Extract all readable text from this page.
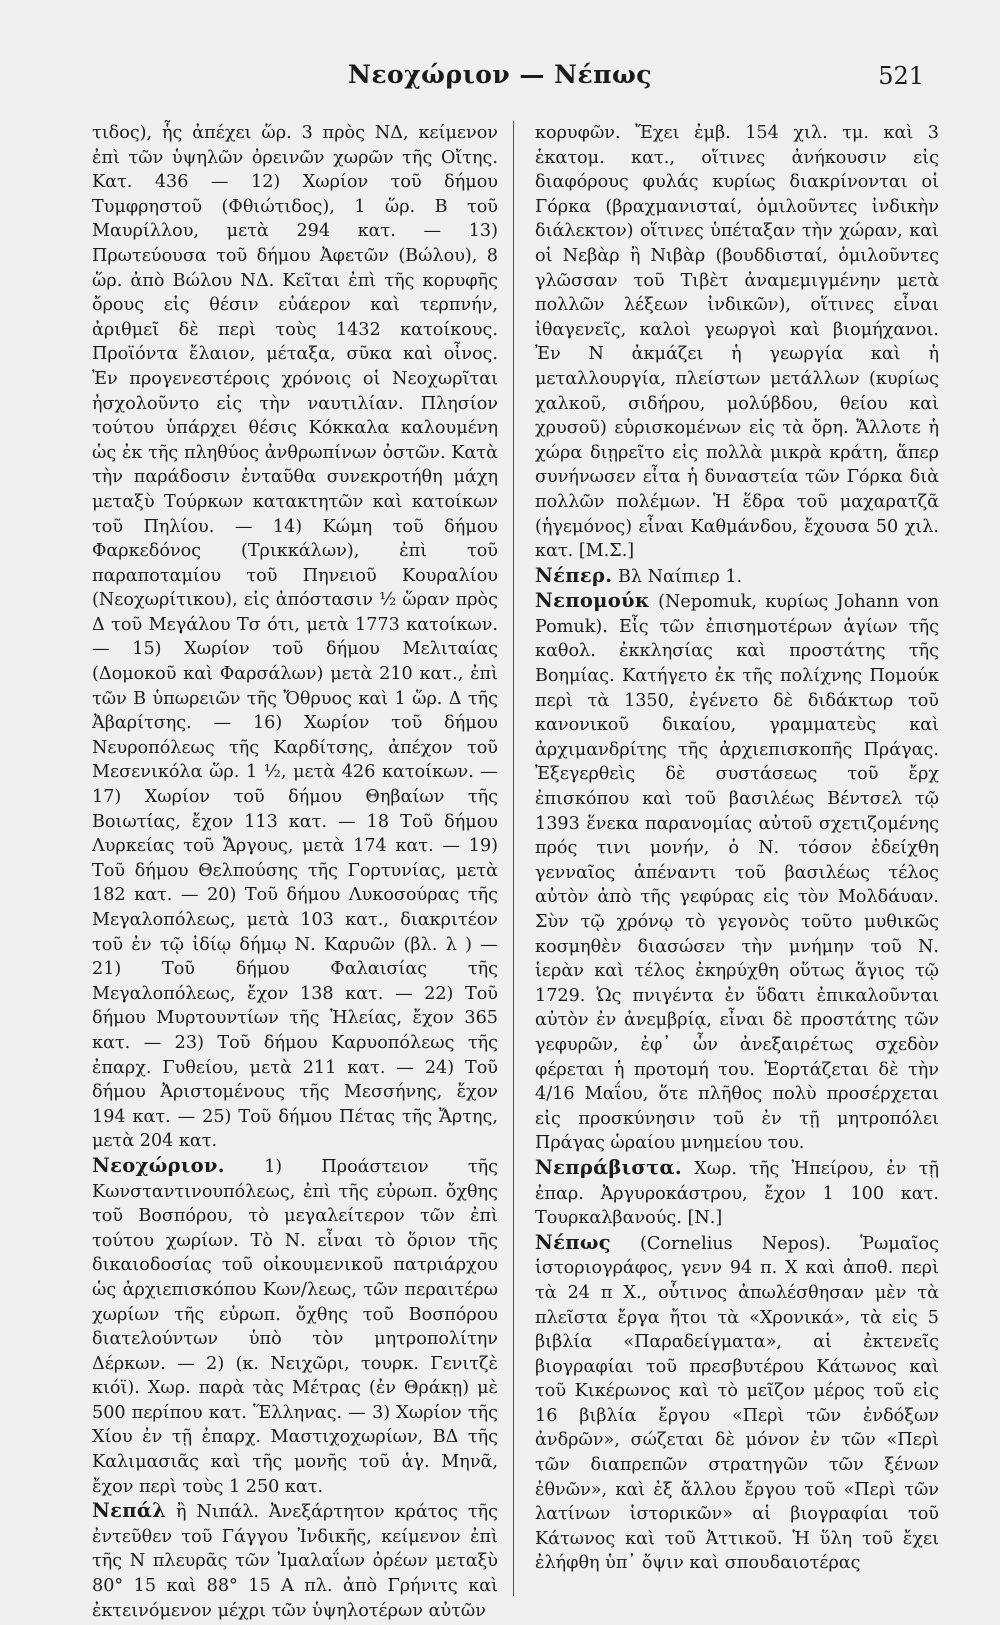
Νεοχώριον — Νέπως	521

τιδος), ἧς ἀπέχει ὥρ. 3 πρὸς ΝΔ, κείμενον ἐπὶ τῶν ὑψηλῶν ὀρεινῶν χωρῶν τῆς Οἴτης. Κατ. 436 — 12) Χωρίον τοῦ δήμου Τυμφρηστοῦ (Φθιώτιδος), 1 ὥρ. Β τοῦ Μαυρίλλου, μετὰ 294 κατ. — 13) Πρωτεύουσα τοῦ δήμου Ἀφετῶν (Βώλου), 8 ὥρ. ἀπὸ Βώλου ΝΔ. Κεῖται ἐπὶ τῆς κορυφῆς ὄρους εἰς θέσιν εὐάερον καὶ τερπνήν, ἀριθμεῖ δὲ περὶ τοὺς 1432 κατοίκους. Προϊόντα ἔλαιον, μέταξα, σῦκα καὶ οἶνος. Ἐν προγενεστέροις χρόνοις οἱ Νεοχωρῖται ἠσχολοῦντο εἰς τὴν ναυτιλίαν. Πλησίον τούτου ὑπάρχει θέσις Κόκκαλα καλουμένη ὡς ἐκ τῆς πληθύος ἀνθρωπίνων ὀστῶν. Κατὰ τὴν παράδοσιν ἐνταῦθα συνεκροτήθη μάχη μεταξὺ Τούρκων κατακτητῶν καὶ κατοίκων τοῦ Πηλίου. — 14) Κώμη τοῦ δήμου Φαρκεδόνος (Τρικκάλων), ἐπὶ τοῦ παραποταμίου τοῦ Πηνειοῦ Κουραλίου (Νεοχωρίτικου), εἰς ἀπόστασιν ½ ὥραν πρὸς Δ τοῦ Μεγάλου Τσ ότι, μετὰ 1773 κατοίκων.— 15) Χωρίον τοῦ δήμου Μελιταίας (Δομοκοῦ καὶ Φαρσάλων) μετὰ 210 κατ., ἐπὶ τῶν Β ὑπωρειῶν τῆς Ὄθρυος καὶ 1 ὥρ. Δ τῆς Ἀβαρίτσης. — 16) Χωρίον τοῦ δήμου Νευροπόλεως τῆς Καρδίτσης, ἀπέχον τοῦ Μεσενικόλα ὥρ. 1 ½, μετὰ 426 κατοίκων. — 17) Χωρίον τοῦ δήμου Θηβαίων τῆς Βοιωτίας, ἔχον 113 κατ. — 18 Τοῦ δήμου Λυρκείας τοῦ Ἄργους, μετὰ 174 κατ. — 19) Τοῦ δήμου Θελπούσης τῆς Γορτυνίας, μετὰ 182 κατ. — 20) Τοῦ δήμου Λυκοσούρας τῆς Μεγαλοπόλεως, μετὰ 103 κατ., διακριτέον τοῦ ἐν τῷ ἰδίῳ δήμῳ Ν. Καρυῶν (βλ. λ ) — 21) Τοῦ δήμου Φαλαισίας τῆς Μεγαλοπόλεως, ἔχον 138 κατ. — 22) Τοῦ δήμου Μυρτουντίων τῆς Ἠλείας, ἔχον 365 κατ. — 23) Τοῦ δήμου Καρυοπόλεως τῆς ἐπαρχ. Γυθείου, μετὰ 211 κατ. — 24) Τοῦ δήμου Ἀριστομένους τῆς Μεσσήνης, ἔχον 194 κατ. — 25) Τοῦ δήμου Πέτας τῆς Ἄρτης, μετὰ 204 κατ.

Νεοχώριον. 1) Προάστειον τῆς Κωνσταντινουπόλεως, ἐπὶ τῆς εὐρωπ. ὄχθης τοῦ Βοσπόρου, τὸ μεγαλείτερον τῶν ἐπὶ τούτου χωρίων. Τὸ Ν. εἶναι τὸ ὅριον τῆς δικαιοδοσίας τοῦ οἰκουμενικοῦ πατριάρχου ὡς ἀρχιεπισκόπου Κων/λεως, τῶν περαιτέρω χωρίων τῆς εὐρωπ. ὄχθης τοῦ Βοσπόρου διατελούντων ὑπὸ τὸν μητροπολίτην Δέρκων. — 2) (κ. Νειχῶρι, τουρκ. Γενιτζὲ κιόϊ). Χωρ. παρὰ τὰς Μέτρας (ἐν Θράκῃ) μὲ 500 περίπου κατ. Ἕλληνας. — 3) Χωρίον τῆς Χίου ἐν τῇ ἐπαρχ. Μαστιχοχωρίων, ΒΔ τῆς Καλιμασιᾶς καὶ τῆς μονῆς τοῦ ἁγ. Μηνᾶ, ἔχον περὶ τοὺς 1 250 κατ.

Νεπάλ ἢ Νιπάλ. Ἀνεξάρτητον κράτος τῆς ἐντεῦθεν τοῦ Γάγγου Ἰνδικῆς, κείμενον ἐπὶ τῆς Ν πλευρᾶς τῶν Ἰμαλαΐων ὀρέων μεταξὺ 80° 15 καὶ 88° 15 Α πλ. ἀπὸ Γρήνιτς καὶ ἐκτεινόμενον μέχρι τῶν ὑψηλοτέρων αὐτῶν

κορυφῶν. Ἔχει ἐμβ. 154 χιλ. τμ. καὶ 3 ἑκατομ. κατ., οἵτινες ἀνήκουσιν εἰς διαφόρους φυλάς κυρίως διακρίνονται οἱ Γόρκα (βραχμανισταί, ὁμιλοῦντες ἰνδικὴν διάλεκτον) οἵτινες ὑπέταξαν τὴν χώραν, καὶ οἱ Νεβὰρ ἢ Νιβὰρ (βουδδισταί, ὁμιλοῦντες γλῶσσαν τοῦ Τιβὲτ ἀναμεμιγμένην μετὰ πολλῶν λέξεων ἰνδικῶν), οἵτινες εἶναι ἰθαγενεῖς, καλοὶ γεωργοὶ καὶ βιομήχανοι. Ἐν Ν ἀκμάζει ἡ γεωργία καὶ ἡ μεταλλουργία, πλείστων μετάλλων (κυρίως χαλκοῦ, σιδήρου, μολύβδου, θείου καὶ χρυσοῦ) εὑρισκομένων εἰς τὰ ὄρη. Ἄλλοτε ἡ χώρα διῃρεῖτο εἰς πολλὰ μικρὰ κράτη, ἅπερ συνήνωσεν εἶτα ἡ δυναστεία τῶν Γόρκα διὰ πολλῶν πολέμων. Ἡ ἕδρα τοῦ μαχαρατζᾶ (ἡγεμόνος) εἶναι Καθμάνδου, ἔχουσα 50 χιλ. κατ. [Μ.Σ.]

Νέπερ. Βλ Ναίπιερ 1.

Νεπομούκ (Nepomuk, κυρίως Johann von Pomuk). Εἷς τῶν ἐπισημοτέρων ἁγίων τῆς καθολ. ἐκκλησίας καὶ προστάτης τῆς Βοημίας. Κατήγετο ἐκ τῆς πολίχνης Πομούκ περὶ τὰ 1350, ἐγένετο δὲ διδάκτωρ τοῦ κανονικοῦ δικαίου, γραμματεὺς καὶ ἀρχιμανδρίτης τῆς ἀρχιεπισκοπῆς Πράγας. Ἐξεγερθεὶς δὲ συστάσεως τοῦ ἔρχ ἐπισκόπου καὶ τοῦ βασιλέως Βέντσελ τῷ 1393 ἕνεκα παρανομίας αὐτοῦ σχετιζομένης πρός τινι μονήν, ὁ Ν. τόσον ἐδείχθη γενναῖος ἀπέναντι τοῦ βασιλέως τέλος αὐτὸν ἀπὸ τῆς γεφύρας εἰς τὸν Μολδάυαν. Σὺν τῷ χρόνῳ τὸ γεγονὸς τοῦτο μυθικῶς κοσμηθὲν διασώσεν τὴν μνήμην τοῦ Ν. ἱερὰν καὶ τέλος ἐκηρύχθη οὕτως ἅγιος τῷ 1729. Ὡς πνιγέντα ἐν ὕδατι ἐπικαλοῦνται αὐτὸν ἐν ἀνεμβρίᾳ, εἶναι δὲ προστάτης τῶν γεφυρῶν, ἐφ᾽ ὧν ἀνεξαιρέτως σχεδὸν φέρεται ἡ προτομή του. Ἑορτάζεται δὲ τὴν 4/16 Μαΐου, ὅτε πλῆθος πολὺ προσέρχεται εἰς προσκύνησιν τοῦ ἐν τῇ μητροπόλει Πράγας ὡραίου μνημείου του.

Νεπράβιστα. Χωρ. τῆς Ἠπείρου, ἐν τῇ ἐπαρ. Ἀργυροκάστρου, ἔχον 1 100 κατ. Τουρκαλβανούς. [Ν.]

Νέπως (Cornelius Nepos). Ῥωμαῖος ἱστοριογράφος, γενν 94 π. Χ καὶ ἀποθ. περὶ τὰ 24 π Χ., οὗτινος ἀπωλέσθησαν μὲν τὰ πλεῖστα ἔργα ἤτοι τὰ «Χρονικά», τὰ εἰς 5 βιβλία «Παραδείγματα», αἱ ἐκτενεῖς βιογραφίαι τοῦ πρεσβυτέρου Κάτωνος καὶ τοῦ Κικέρωνος καὶ τὸ μεῖζον μέρος τοῦ εἰς 16 βιβλία ἔργου «Περὶ τῶν ἐνδόξων ἀνδρῶν», σώζεται δὲ μόνον ἐν τῶν «Περὶ τῶν διαπρεπῶν στρατηγῶν τῶν ξένων ἐθνῶν», καὶ ἐξ ἄλλου ἔργου τοῦ «Περὶ τῶν λατίνων ἱστορικῶν» αἱ βιογραφίαι τοῦ Κάτωνος καὶ τοῦ Ἀττικοῦ. Ἡ ὕλη τοῦ ἔχει ἐλήφθη ὑπ᾽ ὄψιν καὶ σπουδαιοτέρας
